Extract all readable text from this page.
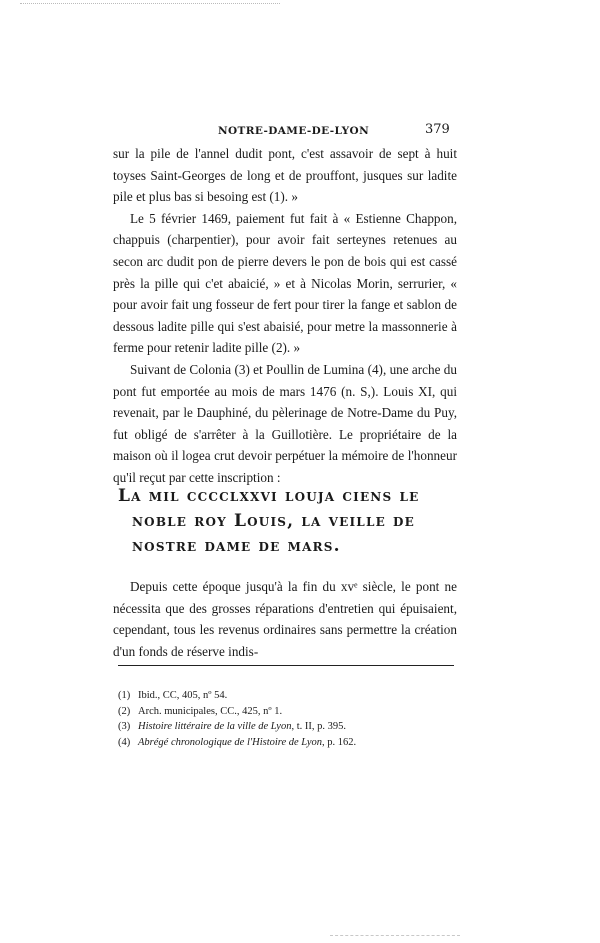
NOTRE-DAME-DE-LYON	379

sur la pile de l'annel dudit pont, c'est assavoir de sept à huit toyses Saint-Georges de long et de prouffont, jusques sur ladite pile et plus bas si besoing est (1). »

Le 5 février 1469, paiement fut fait à « Estienne Chappon, chappuis (charpentier), pour avoir fait serteynes retenues au secon arc dudit pon de pierre devers le pon de bois qui est cassé près la pille qui c'et abaicié, » et à Nicolas Morin, serrurier, « pour avoir fait ung fosseur de fert pour tirer la fange et sablon de dessous ladite pille qui s'est abaisié, pour metre la massonnerie à ferme pour retenir ladite pille (2). »

Suivant de Colonia (3) et Poullin de Lumina (4), une arche du pont fut emportée au mois de mars 1476 (n. S,). Louis XI, qui revenait, par le Dauphiné, du pèlerinage de Notre-Dame du Puy, fut obligé de s'arrêter à la Guillotière. Le propriétaire de la maison où il logea crut devoir perpétuer la mémoire de l'honneur qu'il reçut par cette inscription :

La mil cccclxxvi louja ciens le

noble roy Louis, la veille de

nostre dame de mars.

Depuis cette époque jusqu'à la fin du xvᵉ siècle, le pont ne nécessita que des grosses réparations d'entretien qui épuisaient, cependant, tous les revenus ordinaires sans permettre la création d'un fonds de réserve indis-

(1) Ibid., CC, 405, nº 54.

(2) Arch. municipales, CC., 425, nº 1.

(3) Histoire littéraire de la ville de Lyon, t. II, p. 395.

(4) Abrégé chronologique de l'Histoire de Lyon, p. 162.
